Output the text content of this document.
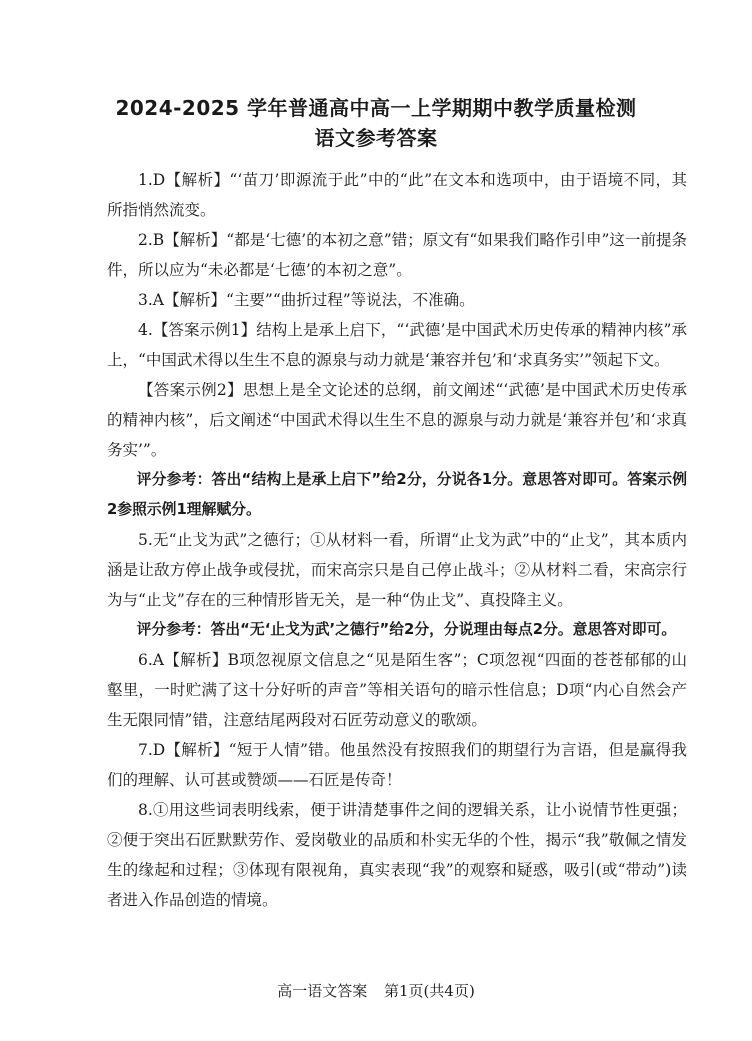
2024-2025 学年普通高中高一上学期期中教学质量检测
语文参考答案

1.D【解析】“‘苗刀’即源流于此”中的“此”在文本和选项中，由于语境不同，其所指悄然流变。

2.B【解析】“都是‘七德’的本初之意”错；原文有“如果我们略作引申”这一前提条件，所以应为“未必都是‘七德’的本初之意”。

3.A【解析】“主要”“曲折过程”等说法，不准确。

4.【答案示例1】结构上是承上启下，“‘武德’是中国武术历史传承的精神内核”承上，“中国武术得以生生不息的源泉与动力就是‘兼容并包’和‘求真务实’”领起下文。

【答案示例2】思想上是全文论述的总纲，前文阐述“‘武德’是中国武术历史传承的精神内核”，后文阐述“中国武术得以生生不息的源泉与动力就是‘兼容并包’和‘求真务实’”。

评分参考：答出“结构上是承上启下”给2分，分说各1分。意思答对即可。答案示例2参照示例1理解赋分。

5.无“止戈为武”之德行；①从材料一看，所谓“止戈为武”中的“止戈”，其本质内涵是让敌方停止战争或侵扰，而宋高宗只是自己停止战斗；②从材料二看，宋高宗行为与“止戈”存在的三种情形皆无关，是一种“伪止戈”、真投降主义。

评分参考：答出“无‘止戈为武’之德行”给2分，分说理由每点2分。意思答对即可。

6.A【解析】B项忽视原文信息之“见是陌生客”；C项忽视“四面的苍苍郁郁的山壑里，一时贮满了这十分好听的声音”等相关语句的暗示性信息；D项“内心自然会产生无限同情”错，注意结尾两段对石匠劳动意义的歌颂。

7.D【解析】“短于人情”错。他虽然没有按照我们的期望行为言语，但是赢得我们的理解、认可甚或赞颂——石匠是传奇！

8.①用这些词表明线索，便于讲清楚事件之间的逻辑关系，让小说情节性更强；②便于突出石匠默默劳作、爱岗敬业的品质和朴实无华的个性，揭示“我”敬佩之情发生的缘起和过程；③体现有限视角，真实表现“我”的观察和疑惑，吸引(或“带动”)读者进入作品创造的情境。

高一语文答案 第1页(共4页)
